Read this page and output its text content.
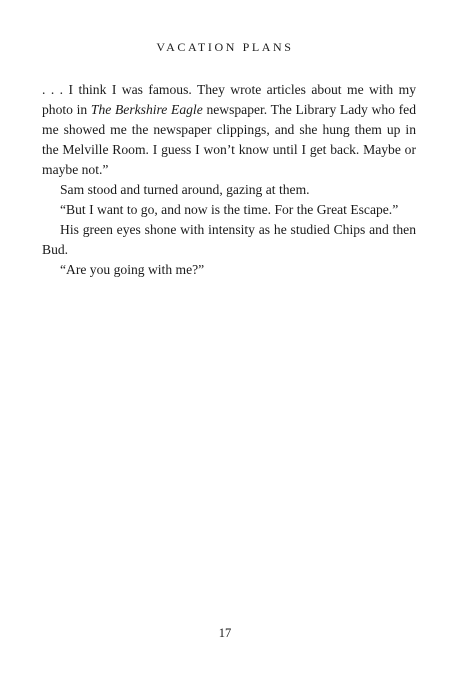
VACATION PLANS

. . . I think I was famous. They wrote articles about me with my photo in The Berkshire Eagle newspaper. The Library Lady who fed me showed me the newspaper clippings, and she hung them up in the Melville Room. I guess I won’t know until I get back. Maybe or maybe not.”

Sam stood and turned around, gazing at them.

“But I want to go, and now is the time. For the Great Escape.”

His green eyes shone with intensity as he studied Chips and then Bud.

“Are you going with me?”

17
